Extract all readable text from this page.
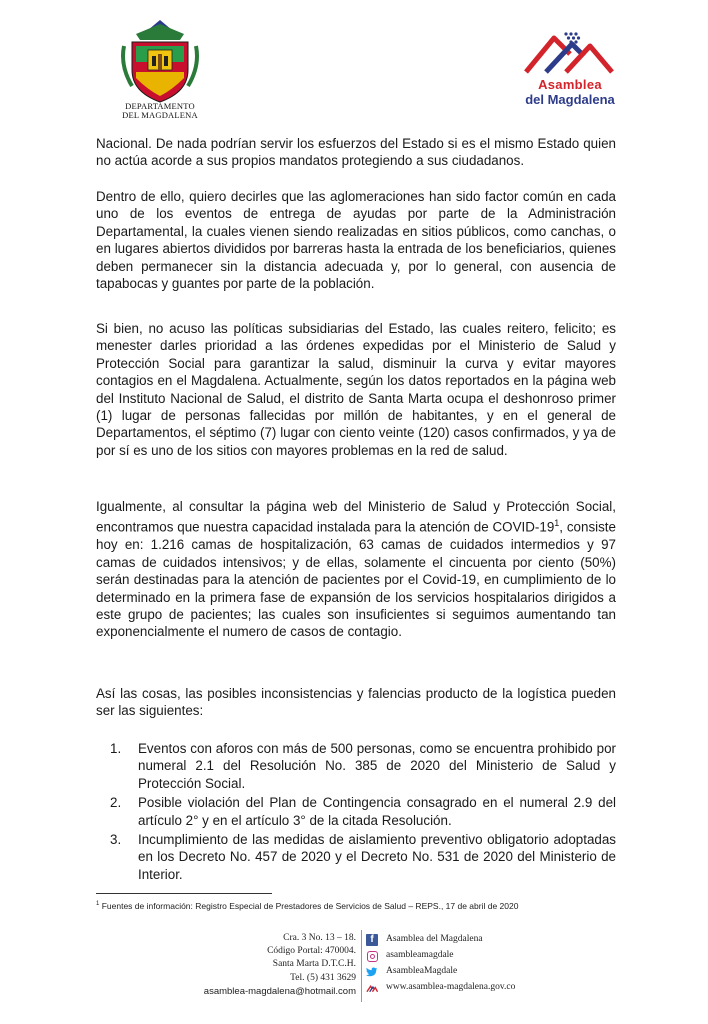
DEPARTAMENTO
DEL MAGDALENA
Asamblea
del Magdalena
Nacional. De nada podrían servir los esfuerzos del Estado si es el mismo Estado quien no actúa acorde a sus propios mandatos protegiendo a sus ciudadanos.
Dentro de ello, quiero decirles que las aglomeraciones han sido factor común en cada uno de los eventos de entrega de ayudas por parte de la Administración Departamental, la cuales vienen siendo realizadas en sitios públicos, como canchas, o en lugares abiertos divididos por barreras hasta la entrada de los beneficiarios, quienes deben permanecer sin la distancia adecuada y, por lo general, con ausencia de tapabocas y guantes por parte de la población.
Si bien, no acuso las políticas subsidiarias del Estado, las cuales reitero, felicito; es menester darles prioridad a las órdenes expedidas por el Ministerio de Salud y Protección Social para garantizar la salud, disminuir la curva y evitar mayores contagios en el Magdalena. Actualmente, según los datos reportados en la página web del Instituto Nacional de Salud, el distrito de Santa Marta ocupa el deshonroso primer (1) lugar de personas fallecidas por millón de habitantes, y en el general de Departamentos, el séptimo (7) lugar con ciento veinte (120) casos confirmados, y ya de por sí es uno de los sitios con mayores problemas en la red de salud.
Igualmente, al consultar la página web del Ministerio de Salud y Protección Social, encontramos que nuestra capacidad instalada para la atención de COVID-$19^1$, consiste hoy en: 1.216 camas de hospitalización, 63 camas de cuidados intermedios y 97 camas de cuidados intensivos; y de ellas, solamente el cincuenta por ciento (50%) serán destinadas para la atención de pacientes por el Covid-19, en cumplimiento de lo determinado en la primera fase de expansión de los servicios hospitalarios dirigidos a este grupo de pacientes; las cuales son insuficientes si seguimos aumentando tan exponencialmente el numero de casos de contagio.
Así las cosas, las posibles inconsistencias y falencias producto de la logística pueden ser las siguientes:
1.	Eventos con aforos con más de 500 personas, como se encuentra prohibido por numeral 2.1 del Resolución No. 385 de 2020 del Ministerio de Salud y Protección Social.
2.	Posible violación del Plan de Contingencia consagrado en el numeral 2.9 del artículo 2° y en el artículo 3° de la citada Resolución.
3.	Incumplimiento de las medidas de aislamiento preventivo obligatorio adoptadas en los Decreto No. 457 de 2020 y el Decreto No. 531 de 2020 del Ministerio de Interior.
$^1$ Fuentes de información: Registro Especial de Prestadores de Servicios de Salud – REPS., 17 de abril de 2020
Cra. 3 No. 13 – 18.
Código Portal: 470004.
Santa Marta D.T.C.H.
Tel. (5) 431 3629
asamblea-magdalena@hotmail.com
f	Asamblea del Magdalena
asambleamagdale
AsambleaMagdale
www.asamblea-magdalena.gov.co
